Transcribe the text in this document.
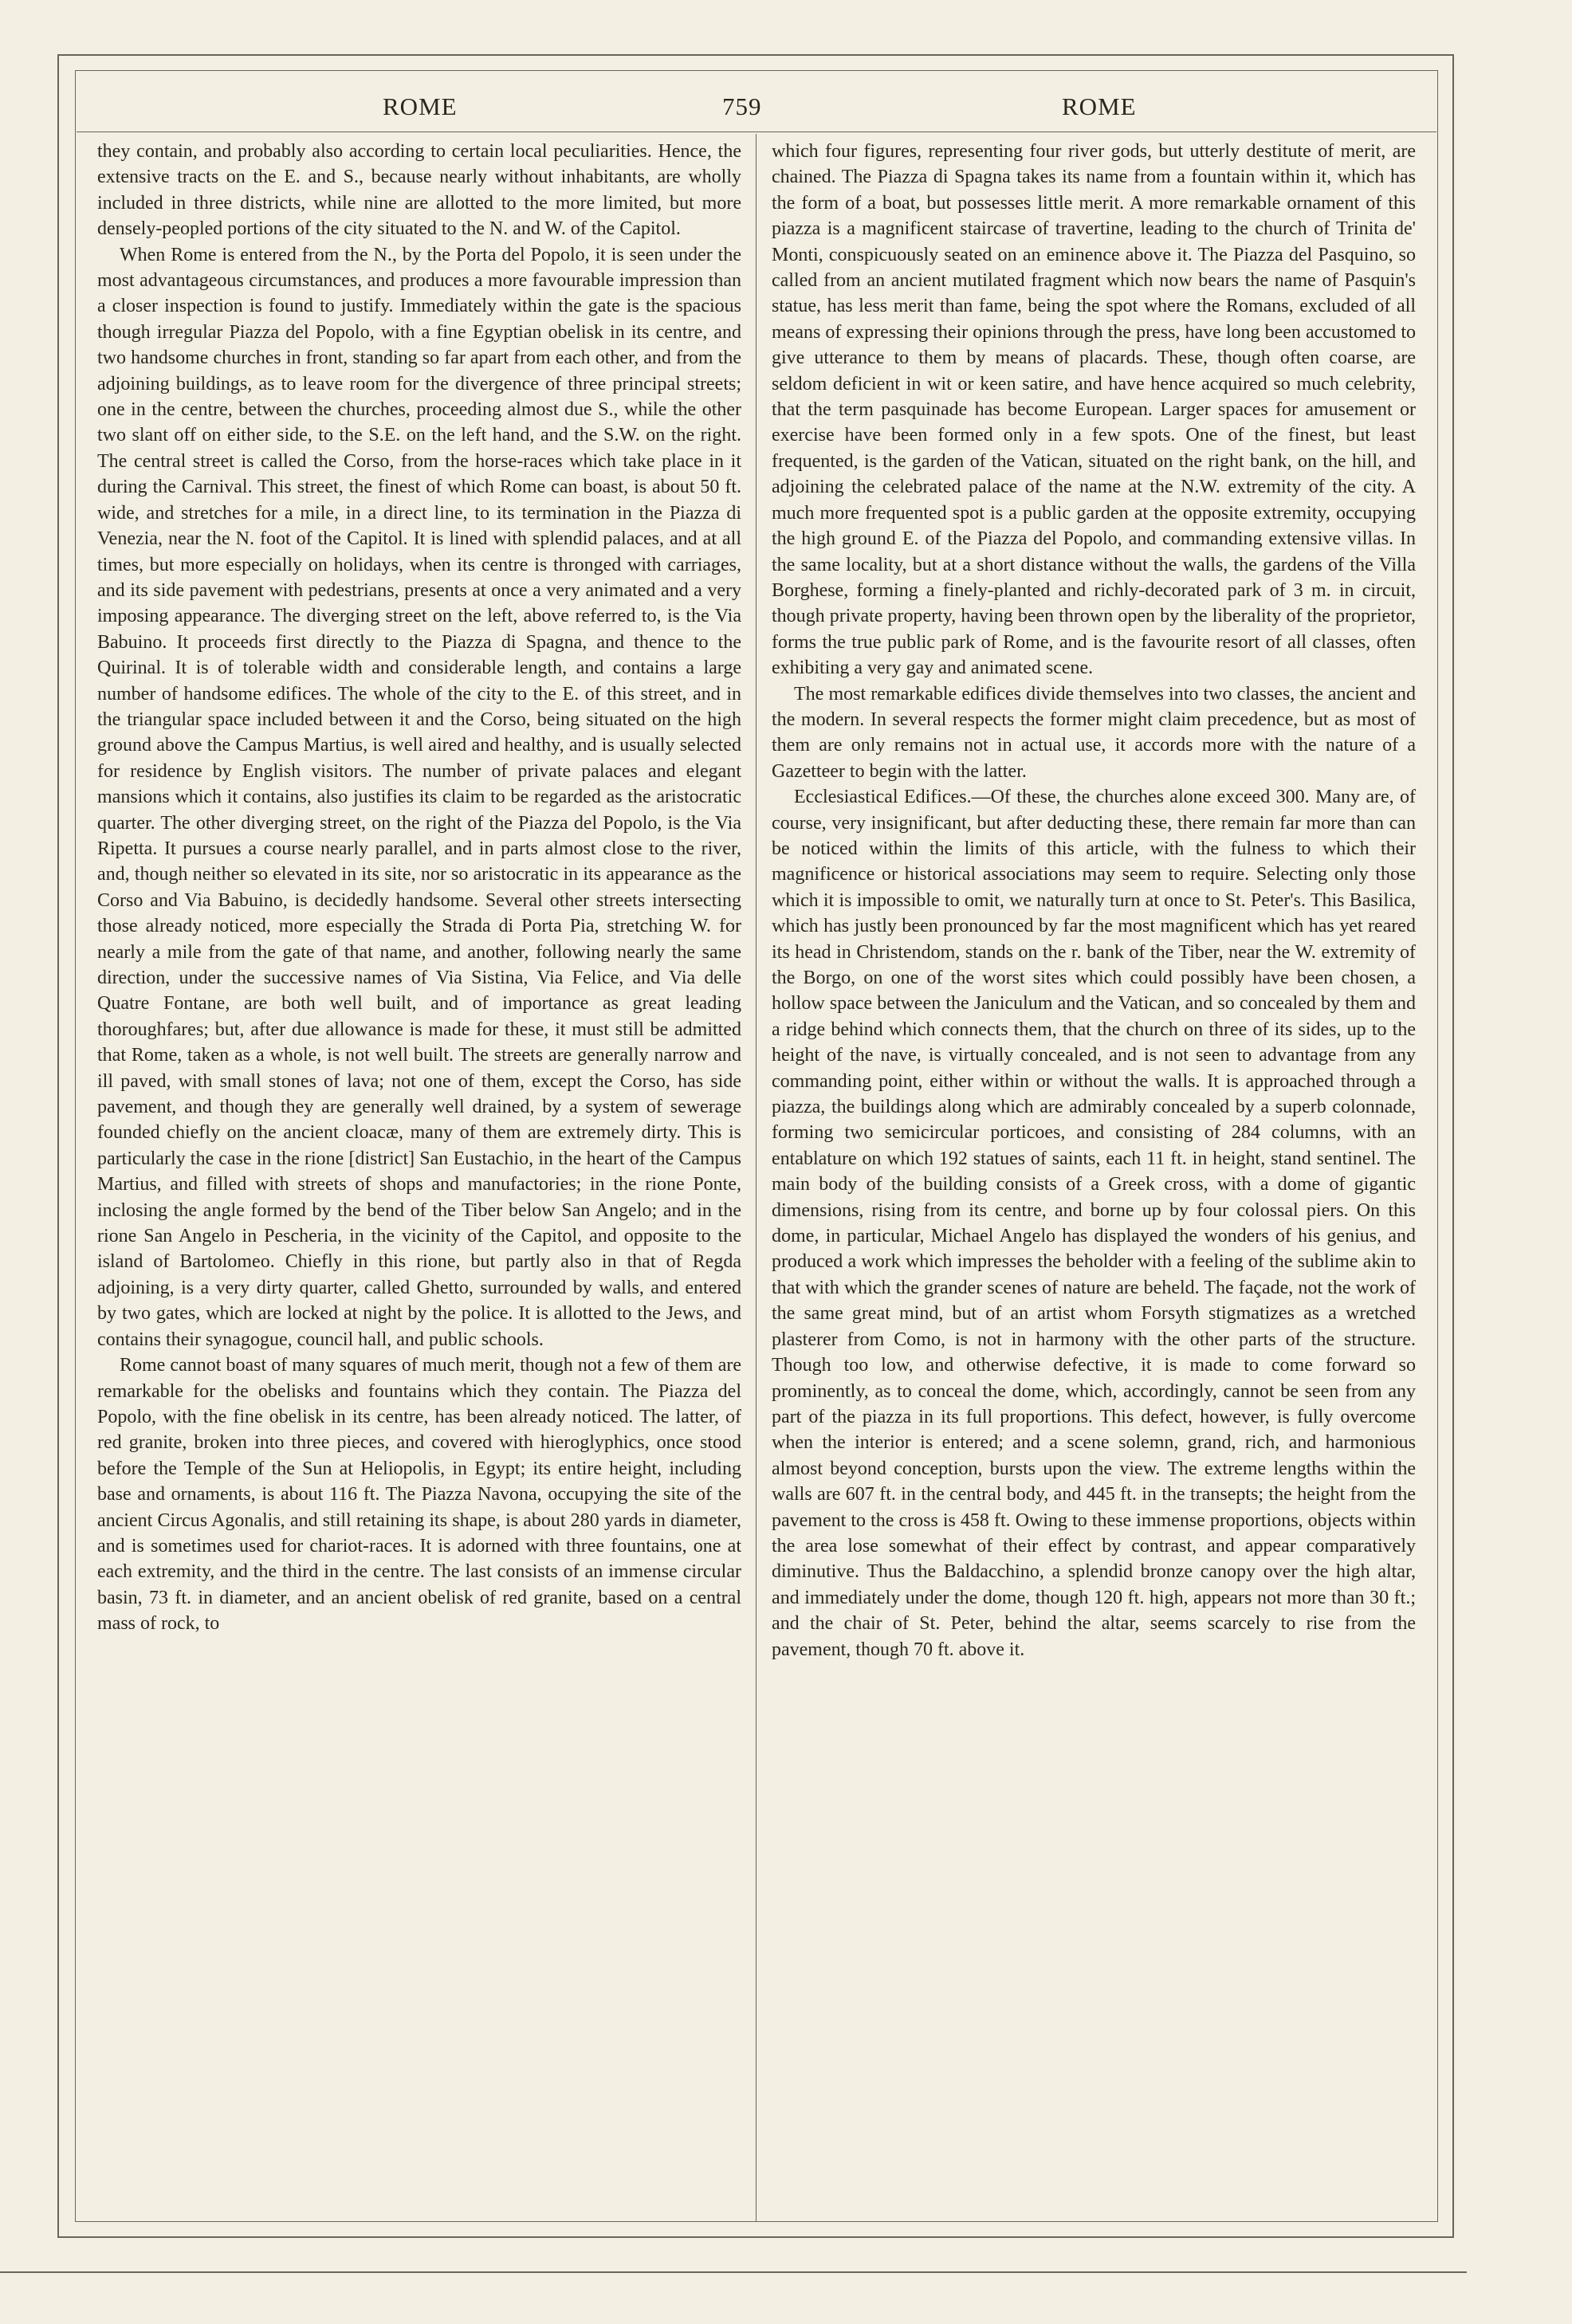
ROME	759	ROME

they contain, and probably also according to certain local peculiarities. Hence, the extensive tracts on the E. and S., because nearly without inhabitants, are wholly included in three districts, while nine are allotted to the more limited, but more densely-peopled portions of the city situated to the N. and W. of the Capitol.

When Rome is entered from the N., by the Porta del Popolo, it is seen under the most advantageous circumstances, and produces a more favourable impression than a closer inspection is found to justify. Immediately within the gate is the spacious though irregular Piazza del Popolo, with a fine Egyptian obelisk in its centre, and two handsome churches in front, standing so far apart from each other, and from the adjoining buildings, as to leave room for the divergence of three principal streets; one in the centre, between the churches, proceeding almost due S., while the other two slant off on either side, to the S.E. on the left hand, and the S.W. on the right. The central street is called the Corso, from the horse-races which take place in it during the Carnival. This street, the finest of which Rome can boast, is about 50 ft. wide, and stretches for a mile, in a direct line, to its termination in the Piazza di Venezia, near the N. foot of the Capitol. It is lined with splendid palaces, and at all times, but more especially on holidays, when its centre is thronged with carriages, and its side pavement with pedestrians, presents at once a very animated and a very imposing appearance. The diverging street on the left, above referred to, is the Via Babuino. It proceeds first directly to the Piazza di Spagna, and thence to the Quirinal. It is of tolerable width and considerable length, and contains a large number of handsome edifices. The whole of the city to the E. of this street, and in the triangular space included between it and the Corso, being situated on the high ground above the Campus Martius, is well aired and healthy, and is usually selected for residence by English visitors. The number of private palaces and elegant mansions which it contains, also justifies its claim to be regarded as the aristocratic quarter. The other diverging street, on the right of the Piazza del Popolo, is the Via Ripetta. It pursues a course nearly parallel, and in parts almost close to the river, and, though neither so elevated in its site, nor so aristocratic in its appearance as the Corso and Via Babuino, is decidedly handsome. Several other streets intersecting those already noticed, more especially the Strada di Porta Pia, stretching W. for nearly a mile from the gate of that name, and another, following nearly the same direction, under the successive names of Via Sistina, Via Felice, and Via delle Quatre Fontane, are both well built, and of importance as great leading thoroughfares; but, after due allowance is made for these, it must still be admitted that Rome, taken as a whole, is not well built. The streets are generally narrow and ill paved, with small stones of lava; not one of them, except the Corso, has side pavement, and though they are generally well drained, by a system of sewerage founded chiefly on the ancient cloacæ, many of them are extremely dirty. This is particularly the case in the rione [district] San Eustachio, in the heart of the Campus Martius, and filled with streets of shops and manufactories; in the rione Ponte, inclosing the angle formed by the bend of the Tiber below San Angelo; and in the rione San Angelo in Pescheria, in the vicinity of the Capitol, and opposite to the island of Bartolomeo. Chiefly in this rione, but partly also in that of Regda adjoining, is a very dirty quarter, called Ghetto, surrounded by walls, and entered by two gates, which are locked at night by the police. It is allotted to the Jews, and contains their synagogue, council hall, and public schools.

Rome cannot boast of many squares of much merit, though not a few of them are remarkable for the obelisks and fountains which they contain. The Piazza del Popolo, with the fine obelisk in its centre, has been already noticed. The latter, of red granite, broken into three pieces, and covered with hieroglyphics, once stood before the Temple of the Sun at Heliopolis, in Egypt; its entire height, including base and ornaments, is about 116 ft. The Piazza Navona, occupying the site of the ancient Circus Agonalis, and still retaining its shape, is about 280 yards in diameter, and is sometimes used for chariot-races. It is adorned with three fountains, one at each extremity, and the third in the centre. The last consists of an immense circular basin, 73 ft. in diameter, and an ancient obelisk of red granite, based on a central mass of rock, to

which four figures, representing four river gods, but utterly destitute of merit, are chained. The Piazza di Spagna takes its name from a fountain within it, which has the form of a boat, but possesses little merit. A more remarkable ornament of this piazza is a magnificent staircase of travertine, leading to the church of Trinita de' Monti, conspicuously seated on an eminence above it. The Piazza del Pasquino, so called from an ancient mutilated fragment which now bears the name of Pasquin's statue, has less merit than fame, being the spot where the Romans, excluded of all means of expressing their opinions through the press, have long been accustomed to give utterance to them by means of placards. These, though often coarse, are seldom deficient in wit or keen satire, and have hence acquired so much celebrity, that the term pasquinade has become European. Larger spaces for amusement or exercise have been formed only in a few spots. One of the finest, but least frequented, is the garden of the Vatican, situated on the right bank, on the hill, and adjoining the celebrated palace of the name at the N.W. extremity of the city. A much more frequented spot is a public garden at the opposite extremity, occupying the high ground E. of the Piazza del Popolo, and commanding extensive villas. In the same locality, but at a short distance without the walls, the gardens of the Villa Borghese, forming a finely-planted and richly-decorated park of 3 m. in circuit, though private property, having been thrown open by the liberality of the proprietor, forms the true public park of Rome, and is the favourite resort of all classes, often exhibiting a very gay and animated scene.

The most remarkable edifices divide themselves into two classes, the ancient and the modern. In several respects the former might claim precedence, but as most of them are only remains not in actual use, it accords more with the nature of a Gazetteer to begin with the latter.

Ecclesiastical Edifices.—Of these, the churches alone exceed 300. Many are, of course, very insignificant, but after deducting these, there remain far more than can be noticed within the limits of this article, with the fulness to which their magnificence or historical associations may seem to require. Selecting only those which it is impossible to omit, we naturally turn at once to St. Peter's. This Basilica, which has justly been pronounced by far the most magnificent which has yet reared its head in Christendom, stands on the r. bank of the Tiber, near the W. extremity of the Borgo, on one of the worst sites which could possibly have been chosen, a hollow space between the Janiculum and the Vatican, and so concealed by them and a ridge behind which connects them, that the church on three of its sides, up to the height of the nave, is virtually concealed, and is not seen to advantage from any commanding point, either within or without the walls. It is approached through a piazza, the buildings along which are admirably concealed by a superb colonnade, forming two semicircular porticoes, and consisting of 284 columns, with an entablature on which 192 statues of saints, each 11 ft. in height, stand sentinel. The main body of the building consists of a Greek cross, with a dome of gigantic dimensions, rising from its centre, and borne up by four colossal piers. On this dome, in particular, Michael Angelo has displayed the wonders of his genius, and produced a work which impresses the beholder with a feeling of the sublime akin to that with which the grander scenes of nature are beheld. The façade, not the work of the same great mind, but of an artist whom Forsyth stigmatizes as a wretched plasterer from Como, is not in harmony with the other parts of the structure. Though too low, and otherwise defective, it is made to come forward so prominently, as to conceal the dome, which, accordingly, cannot be seen from any part of the piazza in its full proportions. This defect, however, is fully overcome when the interior is entered; and a scene solemn, grand, rich, and harmonious almost beyond conception, bursts upon the view. The extreme lengths within the walls are 607 ft. in the central body, and 445 ft. in the transepts; the height from the pavement to the cross is 458 ft. Owing to these immense proportions, objects within the area lose somewhat of their effect by contrast, and appear comparatively diminutive. Thus the Baldacchino, a splendid bronze canopy over the high altar, and immediately under the dome, though 120 ft. high, appears not more than 30 ft.; and the chair of St. Peter, behind the altar, seems scarcely to rise from the pavement, though 70 ft. above it.
